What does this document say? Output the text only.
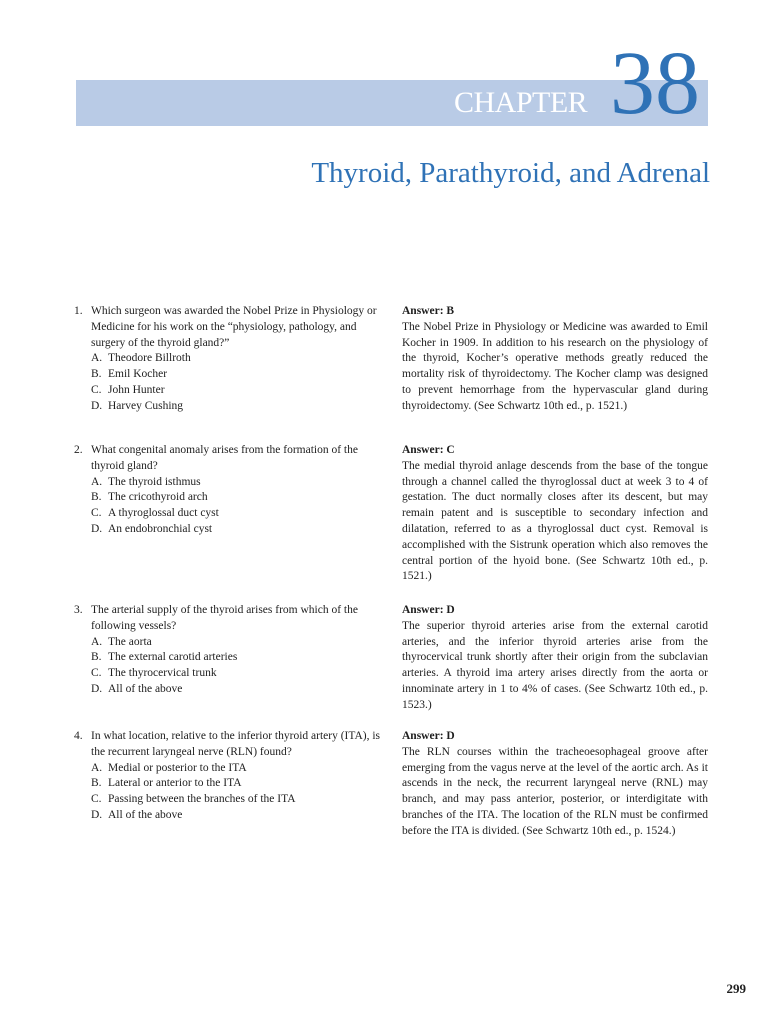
CHAPTER 38
Thyroid, Parathyroid, and Adrenal
1. Which surgeon was awarded the Nobel Prize in Physiology or Medicine for his work on the “physiology, pathology, and surgery of the thyroid gland?”
A. Theodore Billroth
B. Emil Kocher
C. John Hunter
D. Harvey Cushing
Answer: B
The Nobel Prize in Physiology or Medicine was awarded to Emil Kocher in 1909. In addition to his research on the physiology of the thyroid, Kocher’s operative methods greatly reduced the mortality risk of thyroidectomy. The Kocher clamp was designed to prevent hemorrhage from the hypervascular gland during thyroidectomy. (See Schwartz 10th ed., p. 1521.)
2. What congenital anomaly arises from the formation of the thyroid gland?
A. The thyroid isthmus
B. The cricothyroid arch
C. A thyroglossal duct cyst
D. An endobronchial cyst
Answer: C
The medial thyroid anlage descends from the base of the tongue through a channel called the thyroglossal duct at week 3 to 4 of gestation. The duct normally closes after its descent, but may remain patent and is susceptible to secondary infection and dilatation, referred to as a thyroglossal duct cyst. Removal is accomplished with the Sistrunk operation which also removes the central portion of the hyoid bone. (See Schwartz 10th ed., p. 1521.)
3. The arterial supply of the thyroid arises from which of the following vessels?
A. The aorta
B. The external carotid arteries
C. The thyrocervical trunk
D. All of the above
Answer: D
The superior thyroid arteries arise from the external carotid arteries, and the inferior thyroid arteries arise from the thyrocervical trunk shortly after their origin from the subclavian arteries. A thyroid ima artery arises directly from the aorta or innominate artery in 1 to 4% of cases. (See Schwartz 10th ed., p. 1523.)
4. In what location, relative to the inferior thyroid artery (ITA), is the recurrent laryngeal nerve (RLN) found?
A. Medial or posterior to the ITA
B. Lateral or anterior to the ITA
C. Passing between the branches of the ITA
D. All of the above
Answer: D
The RLN courses within the tracheoesophageal groove after emerging from the vagus nerve at the level of the aortic arch. As it ascends in the neck, the recurrent laryngeal nerve (RNL) may branch, and may pass anterior, posterior, or interdigitate with branches of the ITA. The location of the RLN must be confirmed before the ITA is divided. (See Schwartz 10th ed., p. 1524.)
299
